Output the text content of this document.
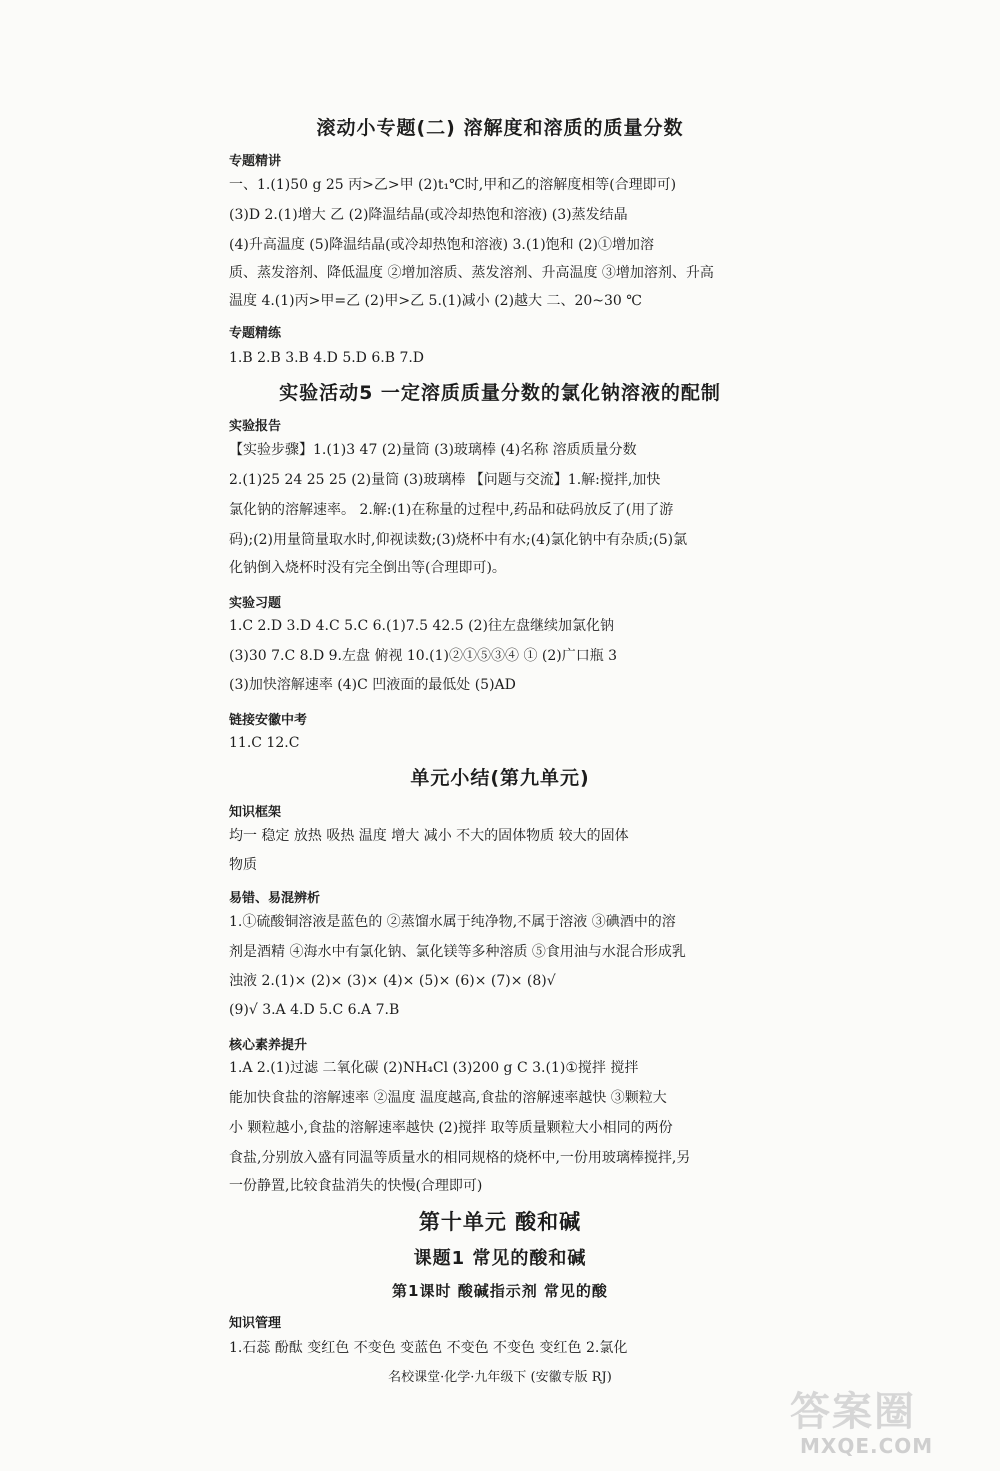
滚动小专题(二) 溶解度和溶质的质量分数
专题精讲
一、1.(1)50 g 25 丙>乙>甲 (2)t₁℃时,甲和乙的溶解度相等(合理即可)
(3)D 2.(1)增大 乙 (2)降温结晶(或冷却热饱和溶液) (3)蒸发结晶
(4)升高温度 (5)降温结晶(或冷却热饱和溶液) 3.(1)饱和 (2)①增加溶
质、蒸发溶剂、降低温度 ②增加溶质、蒸发溶剂、升高温度 ③增加溶剂、升高
温度 4.(1)丙>甲=乙 (2)甲>乙 5.(1)减小 (2)越大 二、20~30 ℃
专题精练
1.B 2.B 3.B 4.D 5.D 6.B 7.D
实验活动5 一定溶质质量分数的氯化钠溶液的配制
实验报告
【实验步骤】1.(1)3 47 (2)量筒 (3)玻璃棒 (4)名称 溶质质量分数
2.(1)25 24 25 25 (2)量筒 (3)玻璃棒 【问题与交流】1.解:搅拌,加快
氯化钠的溶解速率。 2.解:(1)在称量的过程中,药品和砝码放反了(用了游
码);(2)用量筒量取水时,仰视读数;(3)烧杯中有水;(4)氯化钠中有杂质;(5)氯
化钠倒入烧杯时没有完全倒出等(合理即可)。
实验习题
1.C 2.D 3.D 4.C 5.C 6.(1)7.5 42.5 (2)往左盘继续加氯化钠
(3)30 7.C 8.D 9.左盘 俯视 10.(1)②①⑤③④ ① (2)广口瓶 3
(3)加快溶解速率 (4)C 凹液面的最低处 (5)AD
链接安徽中考
11.C 12.C
单元小结(第九单元)
知识框架
均一 稳定 放热 吸热 温度 增大 减小 不大的固体物质 较大的固体
物质
易错、易混辨析
1.①硫酸铜溶液是蓝色的 ②蒸馏水属于纯净物,不属于溶液 ③碘酒中的溶
剂是酒精 ④海水中有氯化钠、氯化镁等多种溶质 ⑤食用油与水混合形成乳
浊液 2.(1)× (2)× (3)× (4)× (5)× (6)× (7)× (8)√
(9)√ 3.A 4.D 5.C 6.A 7.B
核心素养提升
1.A 2.(1)过滤 二氧化碳 (2)NH₄Cl (3)200 g C 3.(1)①搅拌 搅拌
能加快食盐的溶解速率 ②温度 温度越高,食盐的溶解速率越快 ③颗粒大
小 颗粒越小,食盐的溶解速率越快 (2)搅拌 取等质量颗粒大小相同的两份
食盐,分别放入盛有同温等质量水的相同规格的烧杯中,一份用玻璃棒搅拌,另
一份静置,比较食盐消失的快慢(合理即可)
第十单元 酸和碱
课题1 常见的酸和碱
第1课时 酸碱指示剂 常见的酸
知识管理
1.石蕊 酚酞 变红色 不变色 变蓝色 不变色 不变色 变红色 2.氯化
名校课堂·化学·九年级下 (安徽专版 RJ)
答案圈
MXQE.COM
